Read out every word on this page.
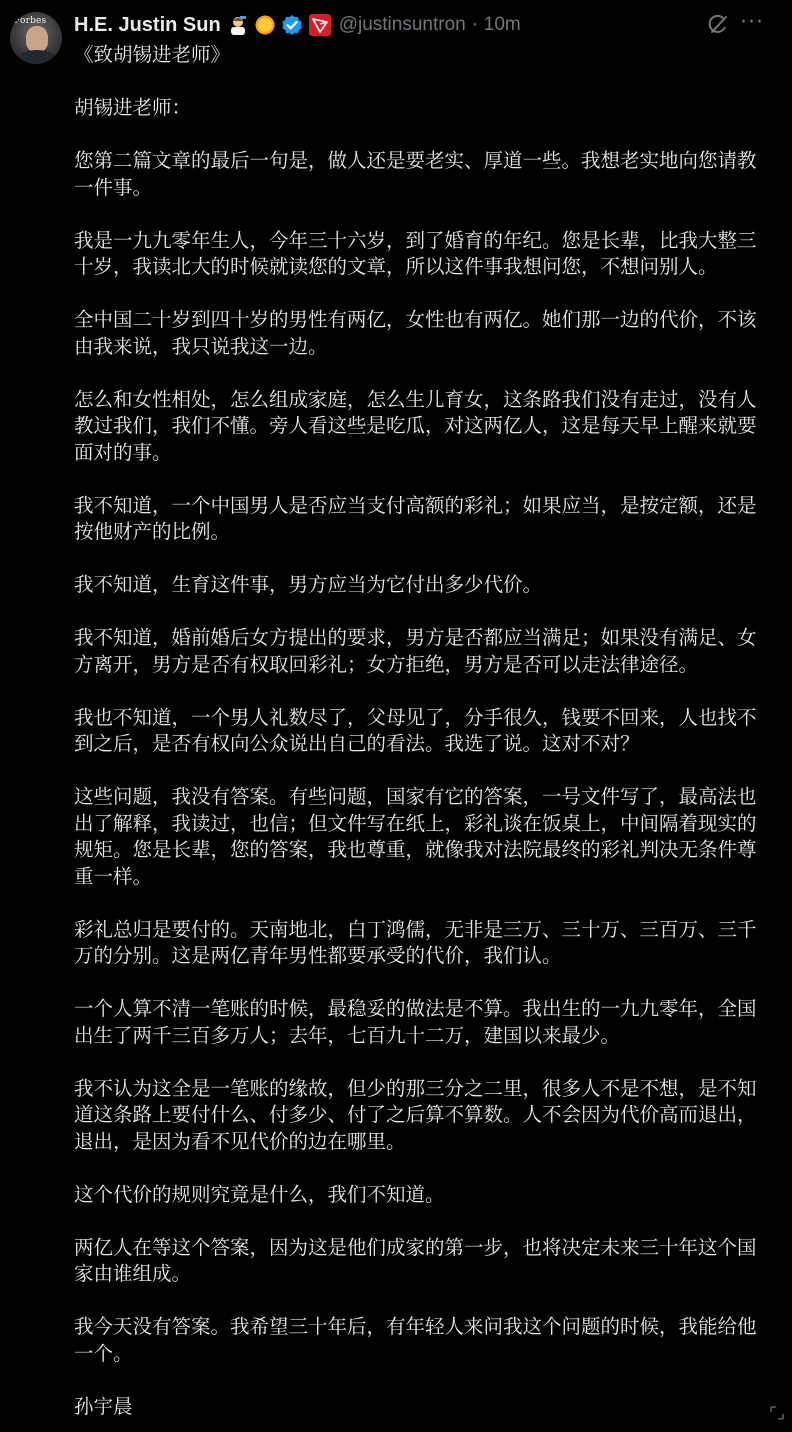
Forbes H.E. Justin Sun	@justinsuntron · 10m	···

《致胡锡进老师》

胡锡进老师：

您第二篇文章的最后一句是，做人还是要老实、厚道一些。我想老实地向您请教一件事。

我是一九九零年生人，今年三十六岁，到了婚育的年纪。您是长辈，比我大整三十岁，我读北大的时候就读您的文章，所以这件事我想问您，不想问别人。

全中国二十岁到四十岁的男性有两亿，女性也有两亿。她们那一边的代价，不该由我来说，我只说我这一边。

怎么和女性相处，怎么组成家庭，怎么生儿育女，这条路我们没有走过，没有人教过我们，我们不懂。旁人看这些是吃瓜，对这两亿人，这是每天早上醒来就要面对的事。

我不知道，一个中国男人是否应当支付高额的彩礼；如果应当，是按定额，还是按他财产的比例。

我不知道，生育这件事，男方应当为它付出多少代价。

我不知道，婚前婚后女方提出的要求，男方是否都应当满足；如果没有满足、女方离开，男方是否有权取回彩礼；女方拒绝，男方是否可以走法律途径。

我也不知道，一个男人礼数尽了，父母见了，分手很久，钱要不回来，人也找不到之后，是否有权向公众说出自己的看法。我选了说。这对不对？

这些问题，我没有答案。有些问题，国家有它的答案，一号文件写了，最高法也出了解释，我读过，也信；但文件写在纸上，彩礼谈在饭桌上，中间隔着现实的规矩。您是长辈，您的答案，我也尊重，就像我对法院最终的彩礼判决无条件尊重一样。

彩礼总归是要付的。天南地北，白丁鸿儒，无非是三万、三十万、三百万、三千万的分别。这是两亿青年男性都要承受的代价，我们认。

一个人算不清一笔账的时候，最稳妥的做法是不算。我出生的一九九零年，全国出生了两千三百多万人；去年，七百九十二万，建国以来最少。

我不认为这全是一笔账的缘故，但少的那三分之二里，很多人不是不想，是不知道这条路上要付什么、付多少、付了之后算不算数。人不会因为代价高而退出，退出，是因为看不见代价的边在哪里。

这个代价的规则究竟是什么，我们不知道。

两亿人在等这个答案，因为这是他们成家的第一步，也将决定未来三十年这个国家由谁组成。

我今天没有答案。我希望三十年后，有年轻人来问我这个问题的时候，我能给他一个。

孙宇晨
